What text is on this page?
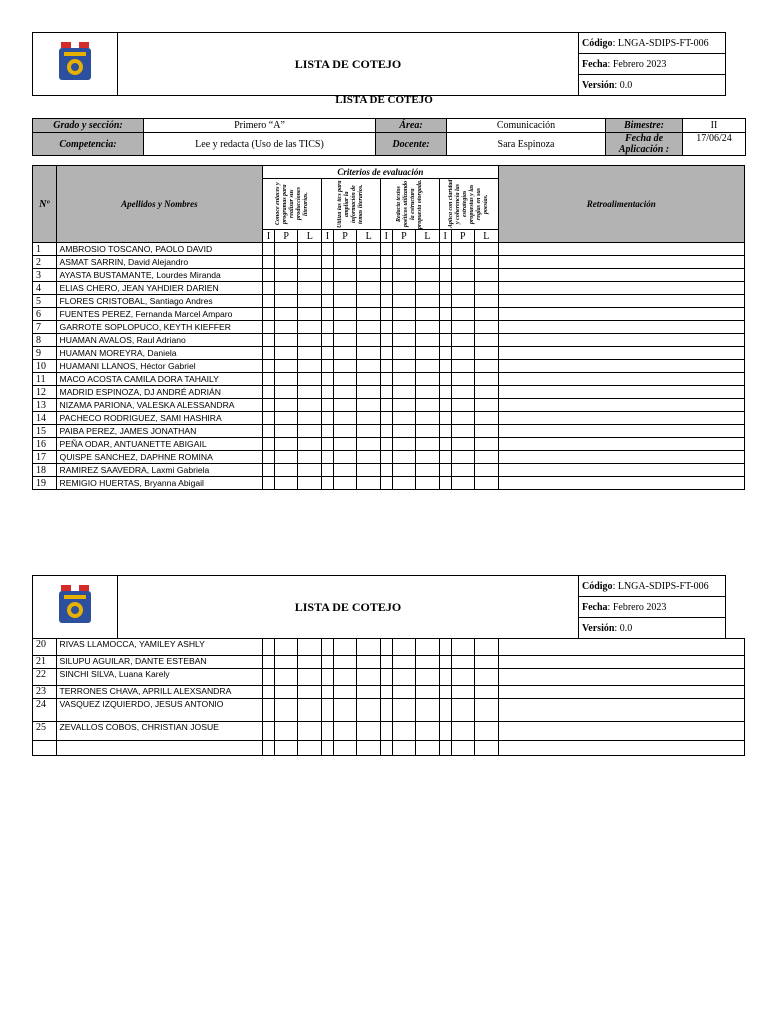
	LISTA DE COTEJO	Código: LNGA-SDIPS-FT-006
Fecha: Febrero 2023
Versión: 0.0
LISTA DE COTEJO
Grado y sección:	Primero “A”	Área:	Comunicación	Bimestre:	II
Competencia:	Lee y redacta (Uso de las TICS)	Docente:	Sara Espinoza	Fecha de Aplicación :	17/06/24
Nº	Apellidos y Nombres	Criterios de evaluación												Retroalimentación

		Conoce enlaces y programas para realizar sus producciones literarias.			Utiliza las tics para ampliar la información de temas literarios.			Redacta textos poéticos utilizando la estructura propuesta otorgada.			Aplica con claridad y coherencia las estrategias propuestas y las reglas en sus poesías.			

		I	P	L	I	P	L	I	P	L	I	P	L	
1	AMBROSIO TOSCANO, PAOLO DAVID													
2	ASMAT SARRIN, David Alejandro													
3	AYASTA BUSTAMANTE, Lourdes Miranda													
4	ELIAS CHERO, JEAN YAHDIER DARIEN													
5	FLORES CRISTOBAL, Santiago Andres													
6	FUENTES PEREZ, Fernanda Marcel Amparo													
7	GARROTE SOPLOPUCO, KEYTH KIEFFER													
8	HUAMAN AVALOS, Raul Adriano													
9	HUAMAN MOREYRA, Daniela													
10	HUAMANI LLANOS, Héctor Gabriel													
11	MACO ACOSTA CAMILA DORA TAHAILY													
12	MADRID ESPINOZA, DJ ANDRÉ ADRIÁN													
13	NIZAMA PARIONA, VALESKA ALESSANDRA													
14	PACHECO RODRIGUEZ, SAMI HASHIRA													
15	PAIBA PEREZ, JAMES JONATHAN													
16	PEÑA ODAR, ANTUANETTE ABIGAIL													
17	QUISPE SANCHEZ, DAPHNE ROMINA													
18	RAMIREZ SAAVEDRA, Laxmi Gabriela													
19	REMIGIO HUERTAS, Bryanna Abigail													
	LISTA DE COTEJO	Código: LNGA-SDIPS-FT-006
Fecha: Febrero 2023
Versión: 0.0
20	RIVAS LLAMOCCA, YAMILEY ASHLY													
21	SILUPU AGUILAR, DANTE ESTEBAN													
22	SINCHI SILVA, Luana Karely													
23	TERRONES CHAVA, APRILL ALEXSANDRA													
24	VASQUEZ IZQUIERDO, JESUS ANTONIO													
25	ZEVALLOS COBOS, CHRISTIAN JOSUE													
